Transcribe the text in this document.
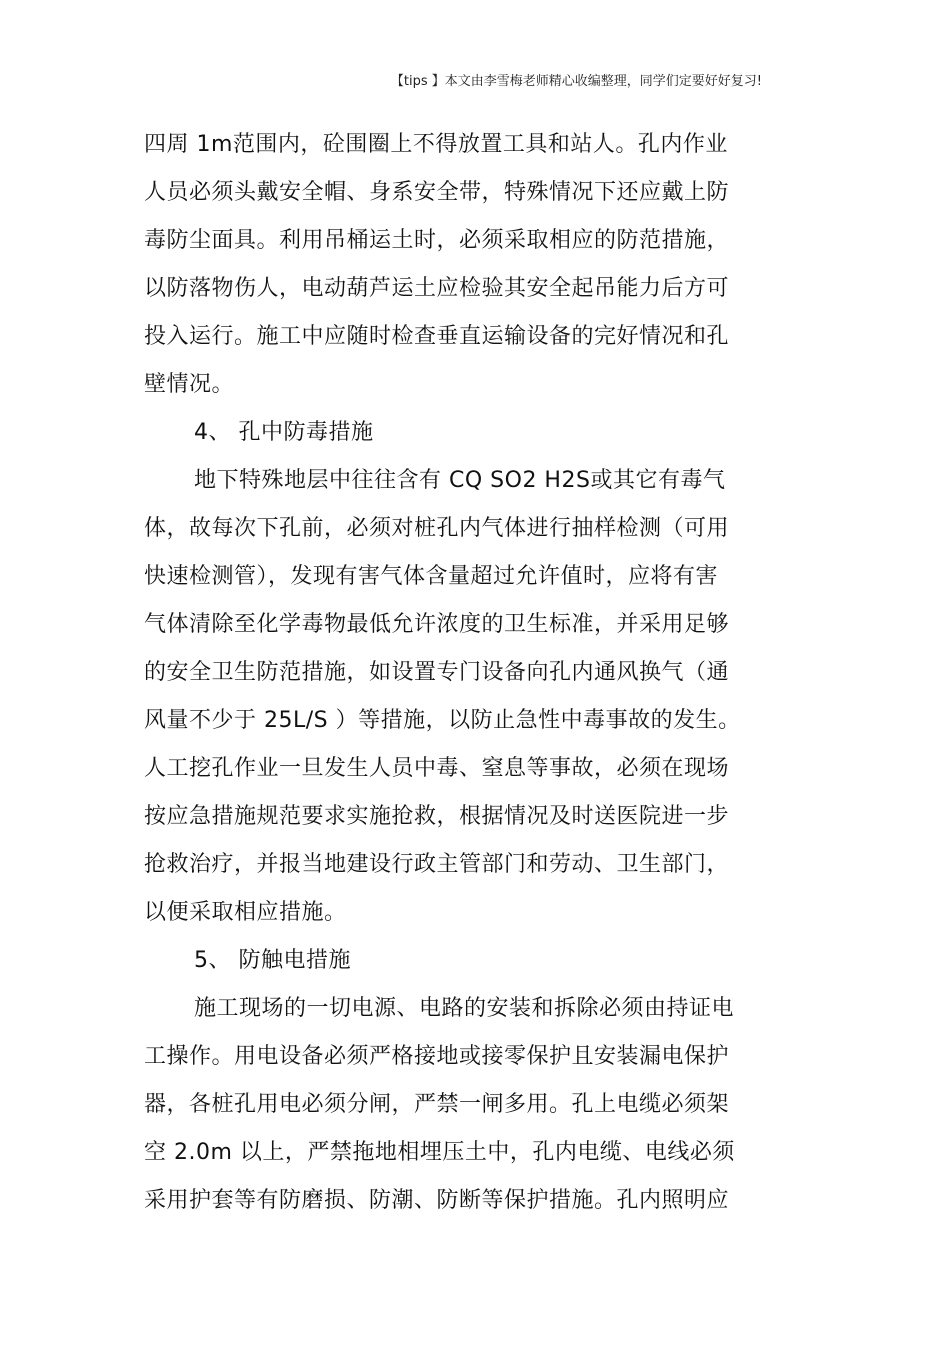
【tips 】本文由李雪梅老师精心收编整理，同学们定要好好复习!
四周 1m范围内，砼围圈上不得放置工具和站人。孔内作业
人员必须头戴安全帽、身系安全带，特殊情况下还应戴上防
毒防尘面具。利用吊桶运土时，必须采取相应的防范措施，
以防落物伤人，电动葫芦运土应检验其安全起吊能力后方可
投入运行。施工中应随时检查垂直运输设备的完好情况和孔
壁情况。
4、 孔中防毒措施
地下特殊地层中往往含有 CQ SO2 H2S或其它有毒气
体，故每次下孔前，必须对桩孔内气体进行抽样检测（可用
快速检测管），发现有害气体含量超过允许值时，应将有害
气体清除至化学毒物最低允许浓度的卫生标准，并采用足够
的安全卫生防范措施，如设置专门设备向孔内通风换气（通
风量不少于 25L/S ）等措施，以防止急性中毒事故的发生。
人工挖孔作业一旦发生人员中毒、窒息等事故，必须在现场
按应急措施规范要求实施抢救，根据情况及时送医院进一步
抢救治疗，并报当地建设行政主管部门和劳动、卫生部门，
以便采取相应措施。
5、 防触电措施
施工现场的一切电源、电路的安装和拆除必须由持证电
工操作。用电设备必须严格接地或接零保护且安装漏电保护
器，各桩孔用电必须分闸，严禁一闸多用。孔上电缆必须架
空 2.0m 以上，严禁拖地相埋压土中，孔内电缆、电线必须
采用护套等有防磨损、防潮、防断等保护措施。孔内照明应
